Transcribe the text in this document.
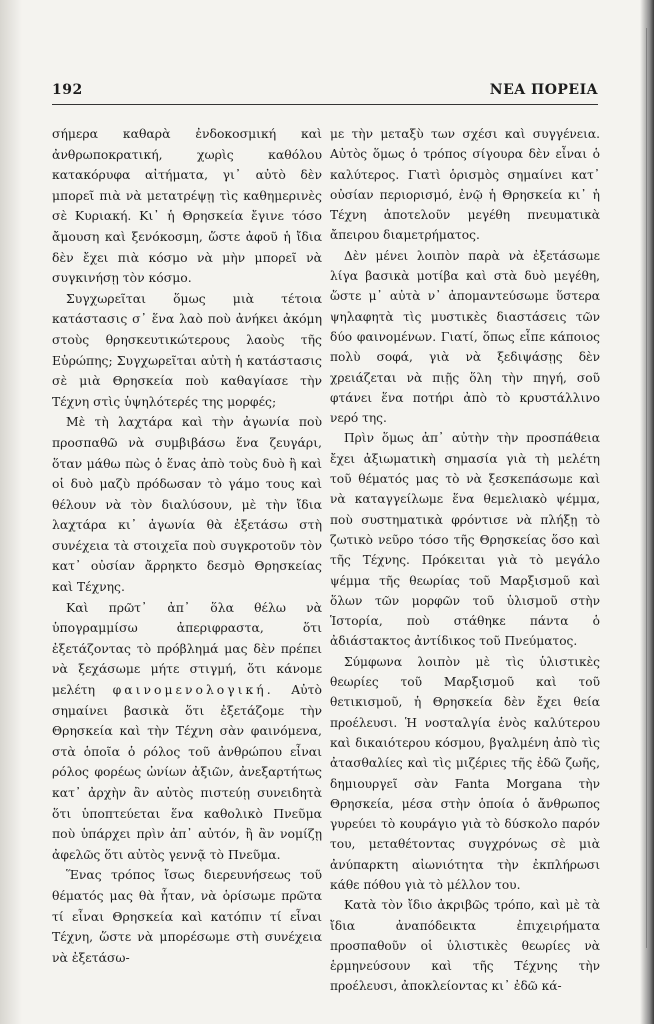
192	ΝΕΑ ΠΟΡΕΙΑ

σήμερα καθαρὰ ἐνδοκοσμική καὶ ἀνθρωποκρατική, χωρὶς καθόλου κατακόρυφα αἰτήματα, γι᾽ αὐτὸ δὲν μπορεῖ πιὰ νὰ μετατρέψῃ τὶς καθημερινὲς σὲ Κυριακή. Κι᾽ ἡ Θρησκεία ἔγινε τόσο ἄμουση καὶ ξενόκοσμη, ὥστε ἀφοῦ ἡ ἴδια δὲν ἔχει πιὰ κόσμο νὰ μὴν μπορεῖ νὰ συγκινήσῃ τὸν κόσμο.

Συγχωρεῖται ὅμως μιὰ τέτοια κατάστασις σ᾽ ἕνα λαὸ ποὺ ἀνήκει ἀκόμη στοὺς θρησκευτικώτερους λαοὺς τῆς Εὐρώπης; Συγχωρεῖται αὐτὴ ἡ κατάστασις σὲ μιὰ Θρησκεία ποὺ καθαγίασε τὴν Τέχνη στὶς ὑψηλότερές της μορφές;

Μὲ τὴ λαχτάρα καὶ τὴν ἀγωνία ποὺ προσπαθῶ νὰ συμβιβάσω ἕνα ζευγάρι, ὅταν μάθω πὼς ὁ ἕνας ἀπὸ τοὺς δυὸ ἢ καὶ οἱ δυὸ μαζὺ πρόδωσαν τὸ γάμο τους καὶ θέλουν νὰ τὸν διαλύσουν, μὲ τὴν ἴδια λαχτάρα κι᾽ ἀγωνία θὰ ἐξετάσω στὴ συνέχεια τὰ στοιχεῖα ποὺ συγκροτοῦν τὸν κατ᾽ οὐσίαν ἄρρηκτο δεσμὸ Θρησκείας καὶ Τέχνης.

Καὶ πρῶτ᾽ ἀπ᾽ ὅλα θέλω νὰ ὑπογραμμίσω ἀπεριφραστα, ὅτι ἐξετάζοντας τὸ πρόβλημά μας δὲν πρέπει νὰ ξεχάσωμε μήτε στιγμή, ὅτι κάνομε μελέτη φαινομενολογική. Αὐτὸ σημαίνει βασικὰ ὅτι ἐξετάζομε τὴν Θρησκεία καὶ τὴν Τέχνη σὰν φαινόμενα, στὰ ὁποῖα ὁ ρόλος τοῦ ἀνθρώπου εἶναι ρόλος φορέως ὠνίων ἀξιῶν, ἀνεξαρτήτως κατ᾽ ἀρχὴν ἂν αὐτὸς πιστεύῃ συνειδητὰ ὅτι ὑποπτεύεται ἕνα καθολικὸ Πνεῦμα ποὺ ὑπάρχει πρὶν ἀπ᾽ αὐτόν, ἢ ἂν νομίζῃ ἀφελῶς ὅτι αὐτὸς γεννᾷ τὸ Πνεῦμα.

Ἕνας τρόπος ἴσως διερευνήσεως τοῦ θέματός μας θὰ ἦταν, νὰ ὁρίσωμε πρῶτα τί εἶναι Θρησκεία καὶ κατόπιν τί εἶναι Τέχνη, ὥστε νὰ μπορέσωμε στὴ συνέχεια νὰ ἐξετάσω-

με τὴν μεταξὺ των σχέσι καὶ συγγένεια. Αὐτὸς ὅμως ὁ τρόπος σίγουρα δὲν εἶναι ὁ καλύτερος. Γιατὶ ὁρισμὸς σημαίνει κατ᾽ οὐσίαν περιορισμό, ἐνῷ ἡ Θρησκεία κι᾽ ἡ Τέχνη ἀποτελοῦν μεγέθη πνευματικὰ ἄπειρου διαμετρήματος.

Δὲν μένει λοιπὸν παρὰ νὰ ἐξετάσωμε λίγα βασικὰ μοτίβα καὶ στὰ δυὸ μεγέθη, ὥστε μ᾽ αὐτὰ ν᾽ ἀπομαντεύσωμε ὕστερα ψηλαφητὰ τὶς μυστικὲς διαστάσεις τῶν δύο φαινομένων. Γιατί, ὅπως εἶπε κάποιος πολὺ σοφά, γιὰ νὰ ξεδιψάσῃς δὲν χρειάζεται νὰ πιῇς ὅλη τὴν πηγή, σοῦ φτάνει ἕνα ποτήρι ἀπὸ τὸ κρυστάλλινο νερό της.

Πρὶν ὅμως ἀπ᾽ αὐτὴν τὴν προσπάθεια ἔχει ἀξιωματικὴ σημασία γιὰ τὴ μελέτη τοῦ θέματός μας τὸ νὰ ξεσκεπάσωμε καὶ νὰ καταγγείλωμε ἕνα θεμελιακὸ ψέμμα, ποὺ συστηματικὰ φρόντισε νὰ πλήξῃ τὸ ζωτικὸ νεῦρο τόσο τῆς Θρησκείας ὅσο καὶ τῆς Τέχνης. Πρόκειται γιὰ τὸ μεγάλο ψέμμα τῆς θεωρίας τοῦ Μαρξισμοῦ καὶ ὅλων τῶν μορφῶν τοῦ ὑλισμοῦ στὴν Ἱστορία, ποὺ στάθηκε πάντα ὁ ἀδιάστακτος ἀντίδικος τοῦ Πνεύματος.

Σύμφωνα λοιπὸν μὲ τὶς ὑλιστικὲς θεωρίες τοῦ Μαρξισμοῦ καὶ τοῦ θετικισμοῦ, ἡ Θρησκεία δὲν ἔχει θεία προέλευσι. Ἡ νοσταλγία ἑνὸς καλύτερου καὶ δικαιότερου κόσμου, βγαλμένη ἀπὸ τὶς ἀτασθαλίες καὶ τὶς μιζέριες τῆς ἐδῶ ζωῆς, δημιουργεῖ σὰν Fanta Morgana τὴν Θρησκεία, μέσα στὴν ὁποία ὁ ἄνθρωπος γυρεύει τὸ κουράγιο γιὰ τὸ δύσκολο παρόν του, μεταθέτοντας συγχρόνως σὲ μιὰ ἀνύπαρκτη αἰωνιότητα τὴν ἐκπλήρωσι κάθε πόθου γιὰ τὸ μέλλον του.

Κατὰ τὸν ἴδιο ἀκριβῶς τρόπο, καὶ μὲ τὰ ἴδια ἀναπόδεικτα ἐπιχειρήματα προσπαθοῦν οἱ ὑλιστικὲς θεωρίες νὰ ἑρμηνεύσουν καὶ τῆς Τέχνης τὴν προέλευσι, ἀποκλείοντας κι᾽ ἐδῶ κά-
